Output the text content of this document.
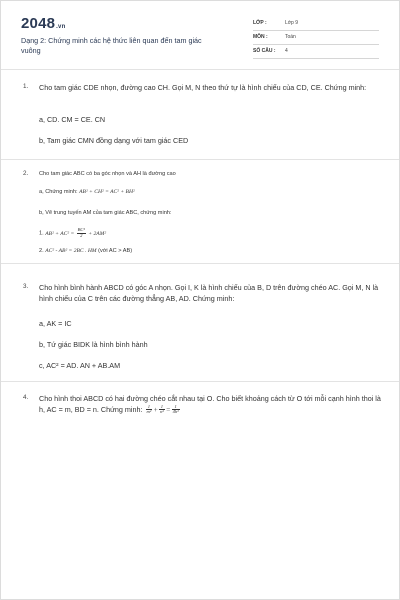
2048.vn
Dạng 2: Chứng minh các hệ thức liên quan đến tam giác vuông
LỚP :	Lớp 9
MÔN :	Toán
SỐ CÂU : 4
1. Cho tam giác CDE nhọn, đường cao CH. Gọi M, N theo thứ tự là hình chiếu của CD, CE. Chứng minh:
a, CD. CM = CE. CN
b, Tam giác CMN đồng dạng với tam giác CED
2. Cho tam giác ABC có ba góc nhọn và AH là đường cao
a, Chứng minh: AB² + CH² = AC² + BH²
b, Vẽ trung tuyến AM của tam giác ABC, chứng minh:
1. $AB^2 + AC^2 = \frac{\text{BC²}}{2} + 2AM^2$
2. AC² - AB² = 2BC . HM (với AC > AB)
3. Cho hình bình hành ABCD có góc A nhọn. Gọi I, K là hình chiếu của B, D trên đường chéo AC. Gọi M, N là hình chiếu của C trên các đường thẳng AB, AD. Chứng minh:
a, AK = IC
b, Tứ giác BIDK là hình bình hành
c, AC² = AD. AN + AB.AM
4. Cho hình thoi ABCD có hai đường chéo cắt nhau tại O. Cho biết khoảng cách từ O tới mỗi cạnh hình thoi là h, AC = m, BD = n. Chứng minh: $\frac{1}{\text{m²}} + \frac{1}{\text{n²}} = \frac{1}{\text{4h²}}$
